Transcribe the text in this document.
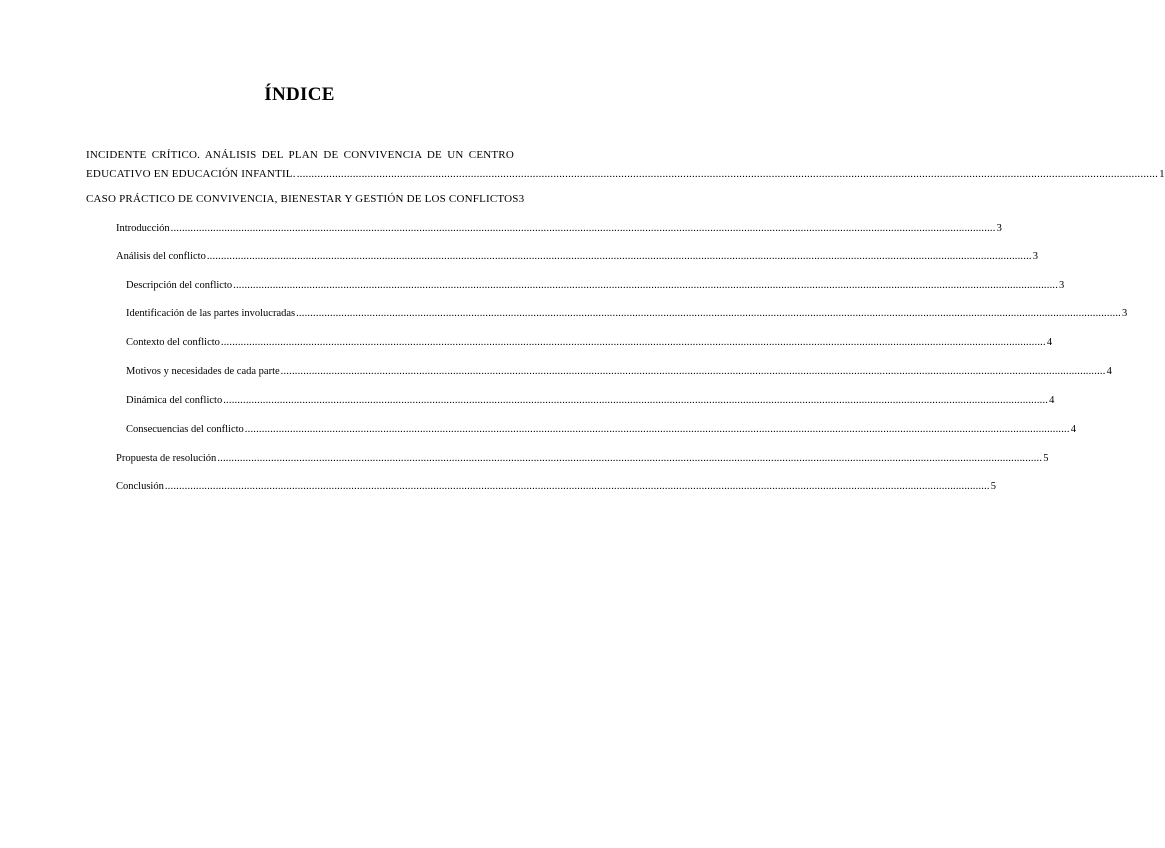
ÍNDICE
INCIDENTE CRÍTICO. ANÁLISIS DEL PLAN DE CONVIVENCIA DE UN CENTRO
EDUCATIVO EN EDUCACIÓN INFANTIL. .....	1
CASO PRÁCTICO DE CONVIVENCIA, BIENESTAR Y GESTIÓN DE LOS CONFLICTOS 3
Introducción .....	3
Análisis del conflicto .....	3
Descripción del conflicto .....	3
Identificación de las partes involucradas .....	3
Contexto del conflicto .....	4
Motivos y necesidades de cada parte .....	4
Dinámica del conflicto .....	4
Consecuencias del conflicto .....	4
Propuesta de resolución .....	5
Conclusión .....	5
